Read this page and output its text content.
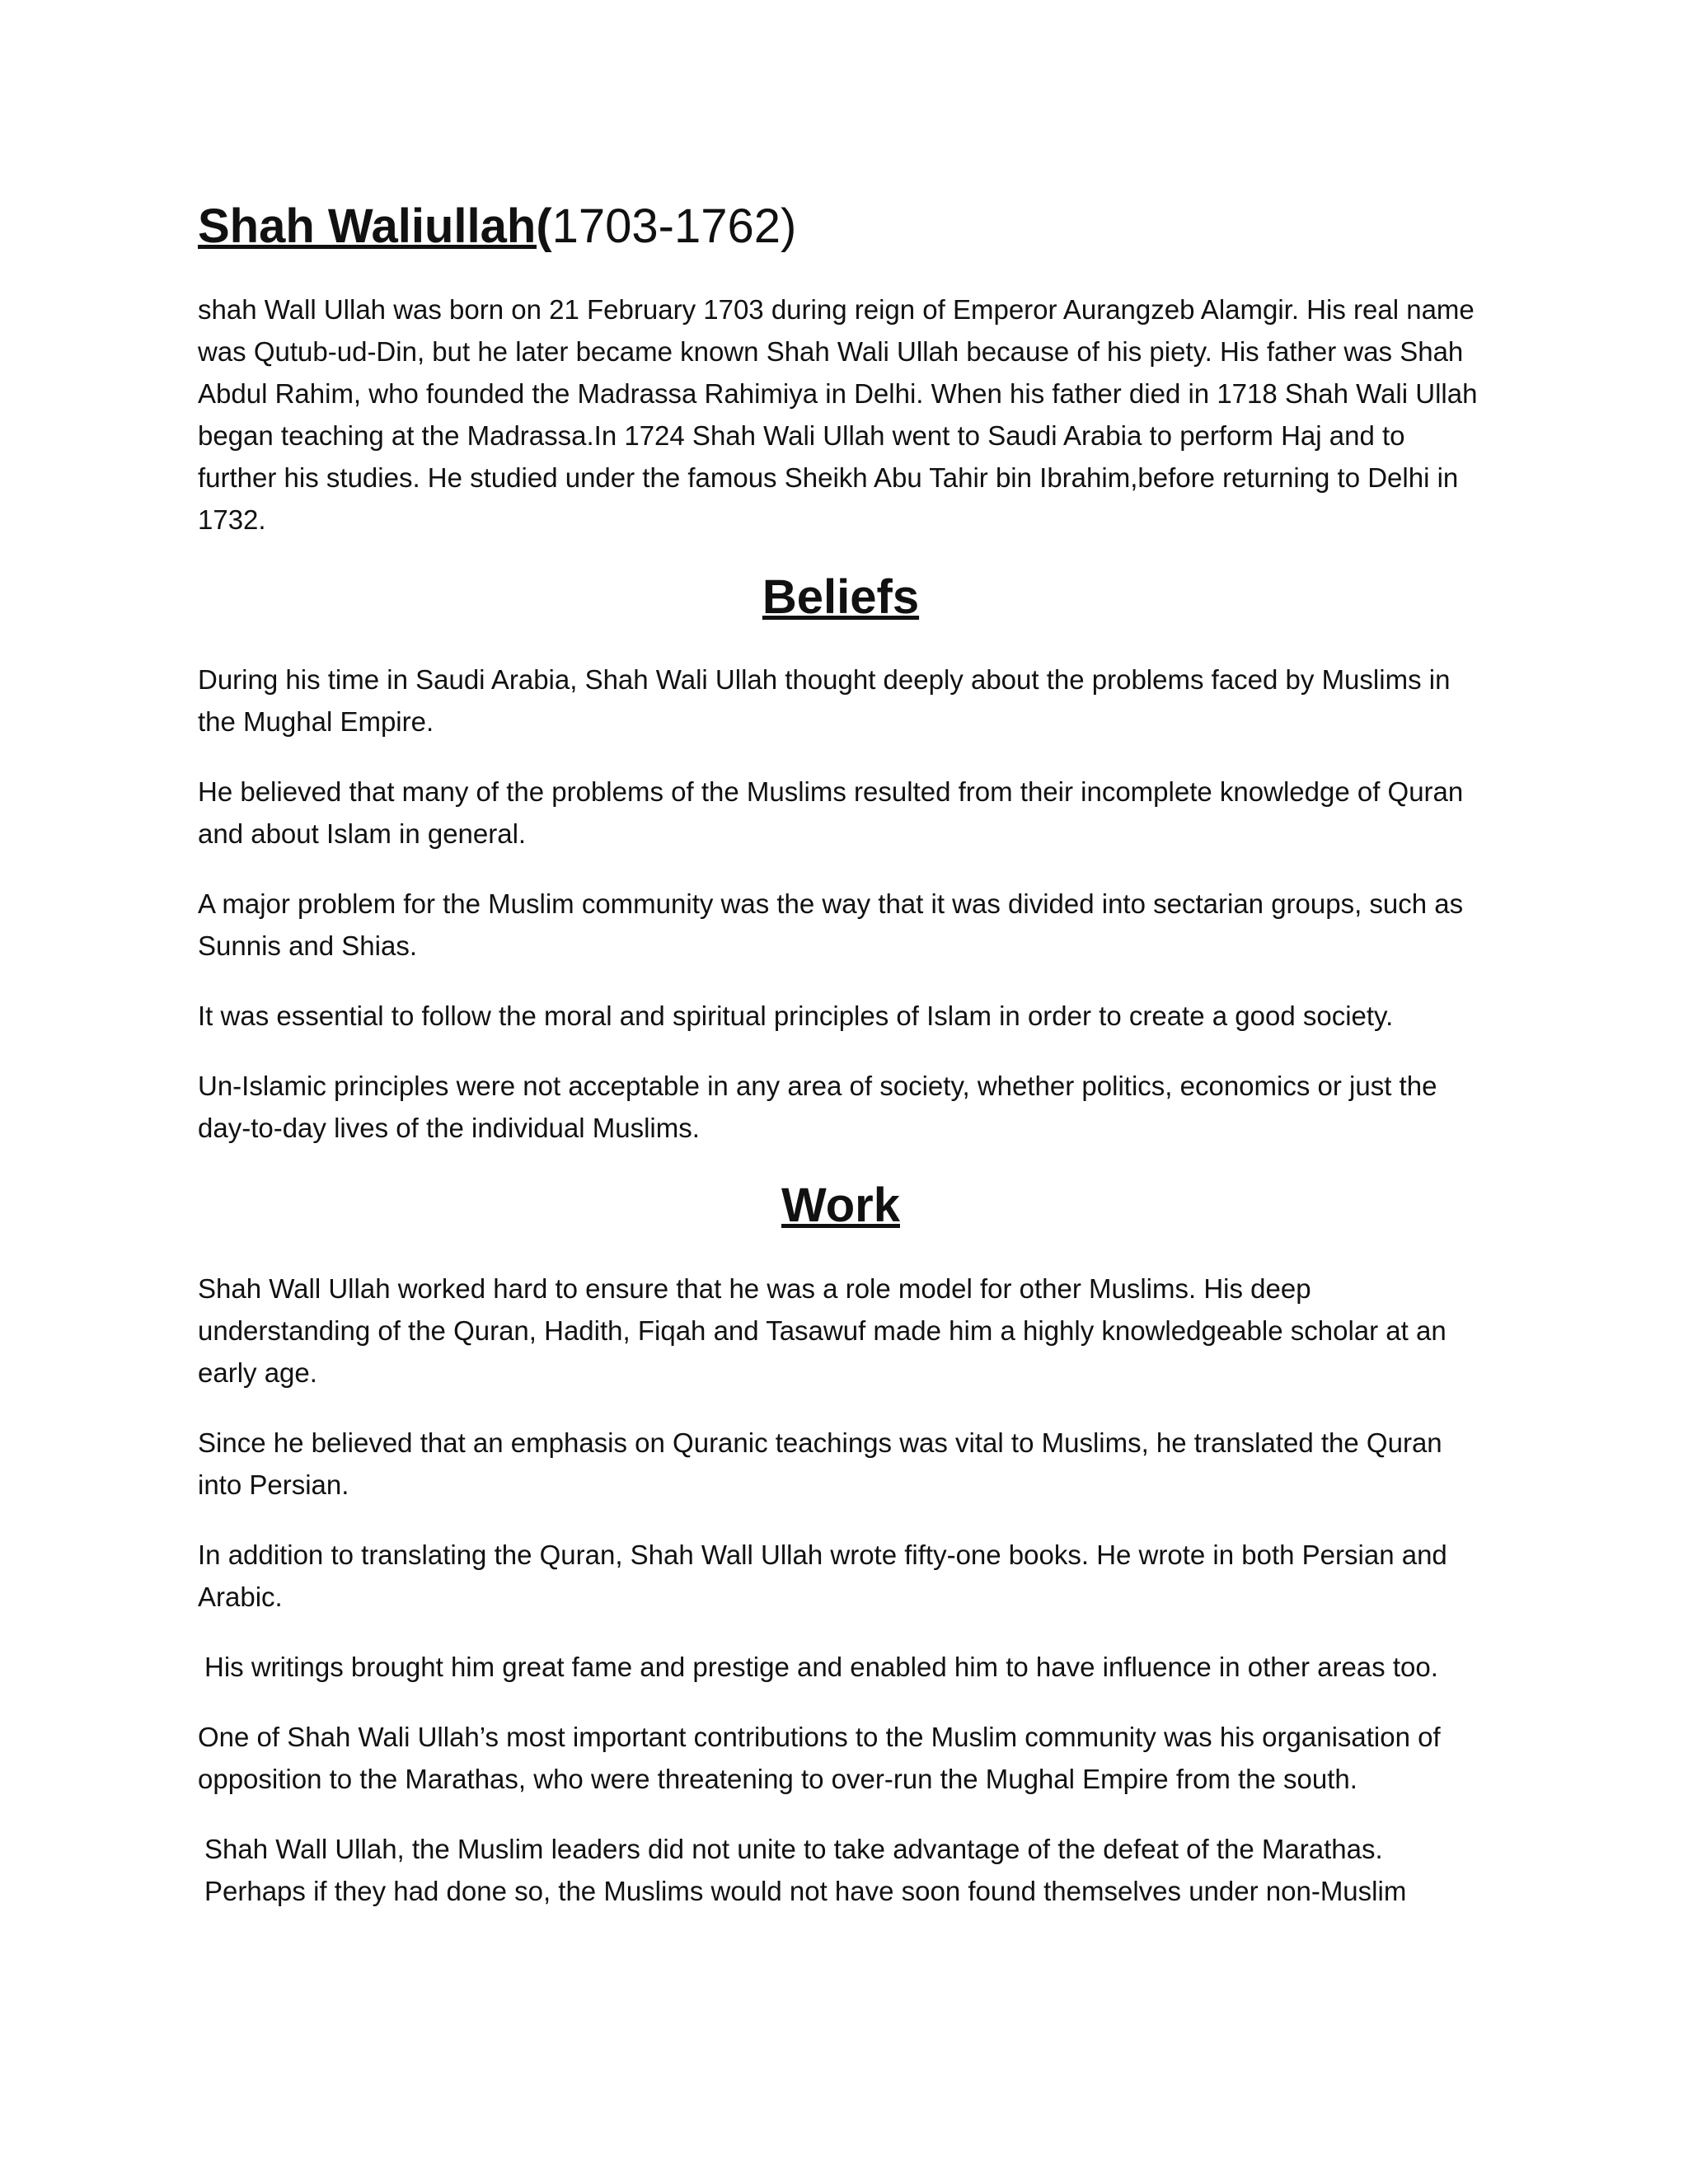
Shah Waliullah(1703-1762)

shah Wall Ullah was born on 21 February 1703 during reign of Emperor Aurangzeb Alamgir. His real name was Qutub-ud-Din, but he later became known Shah Wali Ullah because of his piety. His father was Shah Abdul Rahim, who founded the Madrassa Rahimiya in Delhi. When his father died in 1718 Shah Wali Ullah began teaching at the Madrassa.In 1724 Shah Wali Ullah went to Saudi Arabia to perform Haj and to further his studies. He studied under the famous Sheikh Abu Tahir bin Ibrahim,before returning to Delhi in 1732.

Beliefs

During his time in Saudi Arabia, Shah Wali Ullah thought deeply about the problems faced by Muslims in the Mughal Empire.

He believed that many of the problems of the Muslims resulted from their incomplete knowledge of Quran and about Islam in general.

A major problem for the Muslim community was the way that it was divided into sectarian groups, such as Sunnis and Shias.

It was essential to follow the moral and spiritual principles of Islam in order to create a good society.

Un-Islamic principles were not acceptable in any area of society, whether politics, economics or just the day-to-day lives of the individual Muslims.

Work

Shah Wall Ullah worked hard to ensure that he was a role model for other Muslims. His deep understanding of the Quran, Hadith, Fiqah and Tasawuf made him a highly knowledgeable scholar at an early age.

Since he believed that an emphasis on Quranic teachings was vital to Muslims, he translated the Quran into Persian.

In addition to translating the Quran, Shah Wall Ullah wrote fifty-one books. He wrote in both Persian and Arabic.

His writings brought him great fame and prestige and enabled him to have influence in other areas too.

One of Shah Wali Ullah’s most important contributions to the Muslim community was his organisation of opposition to the Marathas, who were threatening to over-run the Mughal Empire from the south.

Shah Wall Ullah, the Muslim leaders did not unite to take advantage of the defeat of the Marathas. Perhaps if they had done so, the Muslims would not have soon found themselves under non-Muslim
